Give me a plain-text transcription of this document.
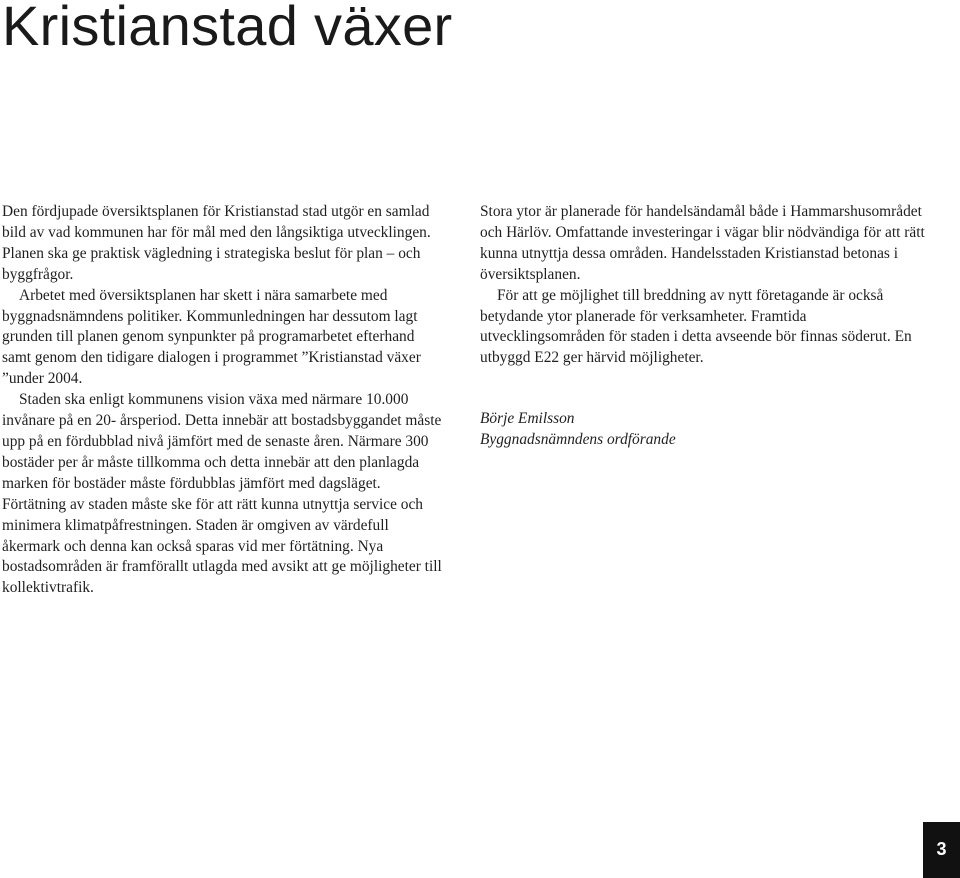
Kristianstad växer

Den fördjupade översiktsplanen för Kristianstad stad utgör en samlad bild av vad kommunen har för mål med den långsiktiga utvecklingen. Planen ska ge praktisk vägledning i strategiska beslut för plan – och byggfrågor.

Arbetet med översiktsplanen har skett i nära samarbete med byggnadsnämndens politiker. Kommunledningen har dessutom lagt grunden till planen genom synpunkter på programarbetet efterhand samt genom den tidigare dialogen i programmet ”Kristianstad växer ”under 2004.

Staden ska enligt kommunens vision växa med närmare 10.000 invånare på en 20- årsperiod. Detta innebär att bostadsbyggandet måste upp på en fördubblad nivå jämfört med de senaste åren. Närmare 300 bostäder per år måste tillkomma och detta innebär att den planlagda marken för bostäder måste fördubblas jämfört med dagsläget. Förtätning av staden måste ske för att rätt kunna utnyttja service och minimera klimatpåfrestningen. Staden är omgiven av värdefull åkermark och denna kan också sparas vid mer förtätning. Nya bostadsområden är framförallt utlagda med avsikt att ge möjligheter till kollektivtrafik.

Stora ytor är planerade för handelsändamål både i Hammarshusområdet och Härlöv. Omfattande investeringar i vägar blir nödvändiga för att rätt kunna utnyttja dessa områden. Handelsstaden Kristianstad betonas i översiktsplanen.

För att ge möjlighet till breddning av nytt företagande är också betydande ytor planerade för verksamheter. Framtida utvecklingsområden för staden i detta avseende bör finnas söderut. En utbyggd E22 ger härvid möjligheter.

Börje Emilsson
Byggnadsnämndens ordförande
3
